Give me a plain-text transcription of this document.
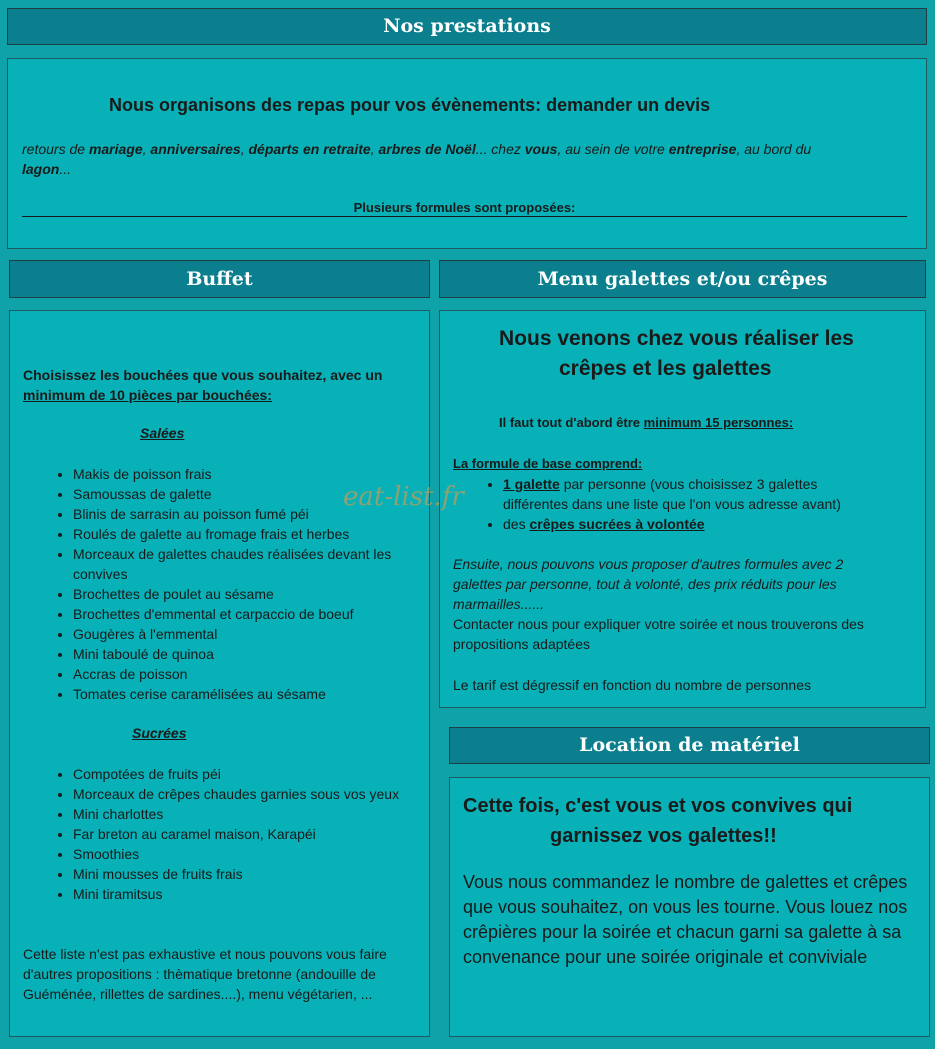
Nos prestations
Nous organisons des repas pour vos évènements: demander un devis
retours de mariage, anniversaires, départs en retraite, arbres de Noël... chez vous, au sein de votre entreprise, au bord du
lagon...
Plusieurs formules sont proposées:
Buffet	Menu galettes et/ou crêpes
Choisissez les bouchées que vous souhaitez, avec un
minimum de 10 pièces par bouchées:
Salées
• Makis de poisson frais
• Samoussas de galette
• Blinis de sarrasin au poisson fumé péi
• Roulés de galette au fromage frais et herbes
• Morceaux de galettes chaudes réalisées devant les convives
• Brochettes de poulet au sésame
• Brochettes d'emmental et carpaccio de boeuf
• Gougères à l'emmental
• Mini taboulé de quinoa
• Accras de poisson
• Tomates cerise caramélisées au sésame
Sucrées
• Compotées de fruits péi
• Morceaux de crêpes chaudes garnies sous vos yeux
• Mini charlottes
• Far breton au caramel maison, Karapéi
• Smoothies
• Mini mousses de fruits frais
• Mini tiramitsus
Cette liste n'est pas exhaustive et nous pouvons vous faire d'autres propositions : thèmatique bretonne (andouille de Guéménée, rillettes de sardines....), menu végétarien, ...
Nous venons chez vous réaliser les
crêpes et les galettes
Il faut tout d'abord être minimum 15 personnes:
La formule de base comprend:
• 1 galette par personne (vous choisissez 3 galettes différentes dans une liste que l'on vous adresse avant)
• des crêpes sucrées à volontée
Ensuite, nous pouvons vous proposer d'autres formules avec 2 galettes par personne, tout à volonté, des prix réduits pour les marmailles......
Contacter nous pour expliquer votre soirée et nous trouverons des propositions adaptées
Le tarif est dégressif en fonction du nombre de personnes
Location de matériel
Cette fois, c'est vous et vos convives qui
garnissez vos galettes!!
Vous nous commandez le nombre de galettes et crêpes que vous souhaitez, on vous les tourne. Vous louez nos crêpières pour la soirée et chacun garni sa galette à sa convenance pour une soirée originale et conviviale
eat-list.fr
